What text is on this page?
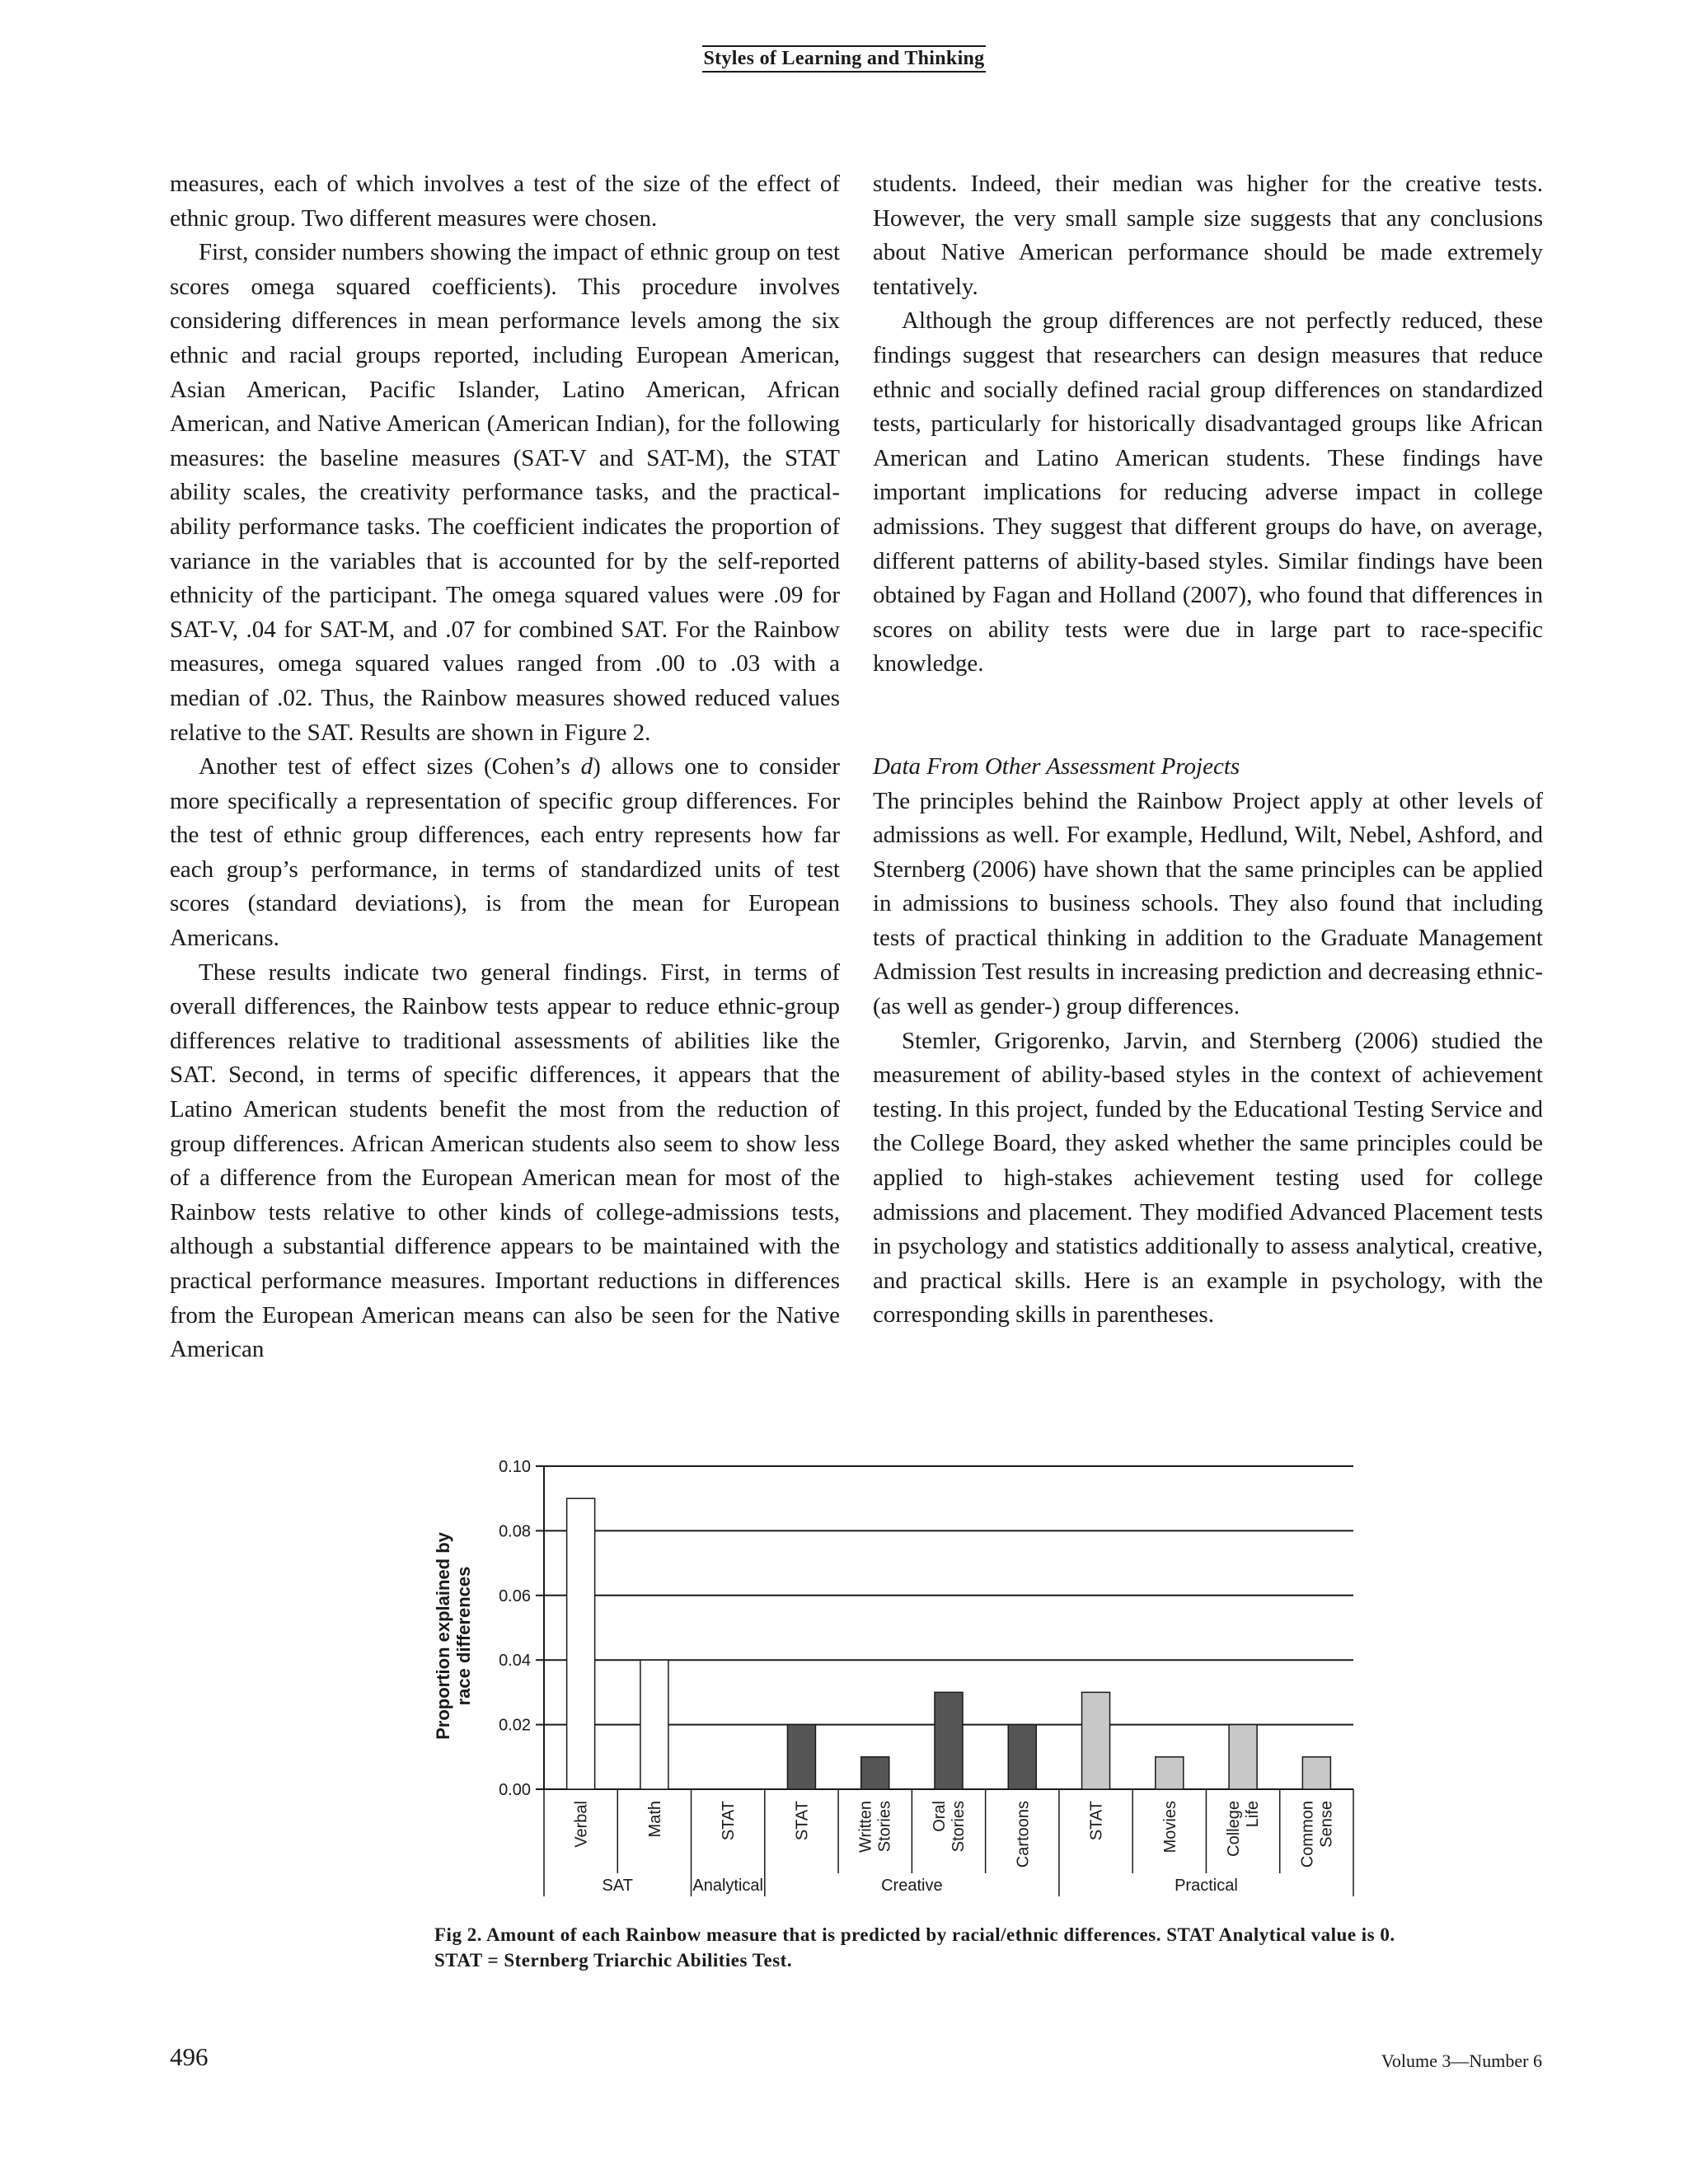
Styles of Learning and Thinking

measures, each of which involves a test of the size of the effect of ethnic group. Two different measures were chosen.

First, consider numbers showing the impact of ethnic group on test scores omega squared coefficients). This procedure involves considering differences in mean performance levels among the six ethnic and racial groups reported, including European American, Asian American, Pacific Islander, Latino American, African American, and Native American (American Indian), for the following measures: the baseline measures (SAT-V and SAT-M), the STAT ability scales, the creativity performance tasks, and the practical-ability performance tasks. The coefficient indicates the proportion of variance in the variables that is accounted for by the self-reported ethnicity of the participant. The omega squared values were .09 for SAT-V, .04 for SAT-M, and .07 for combined SAT. For the Rainbow measures, omega squared values ranged from .00 to .03 with a median of .02. Thus, the Rainbow measures showed reduced values relative to the SAT. Results are shown in Figure 2.

Another test of effect sizes (Cohen’s d) allows one to consider more specifically a representation of specific group differences. For the test of ethnic group differences, each entry represents how far each group’s performance, in terms of standardized units of test scores (standard deviations), is from the mean for European Americans.

These results indicate two general findings. First, in terms of overall differences, the Rainbow tests appear to reduce ethnic-group differences relative to traditional assessments of abilities like the SAT. Second, in terms of specific differences, it appears that the Latino American students benefit the most from the reduction of group differences. African American students also seem to show less of a difference from the European American mean for most of the Rainbow tests relative to other kinds of college-admissions tests, although a substantial difference appears to be maintained with the practical performance measures. Important reductions in differences from the European American means can also be seen for the Native American

students. Indeed, their median was higher for the creative tests. However, the very small sample size suggests that any conclusions about Native American performance should be made extremely tentatively.

Although the group differences are not perfectly reduced, these findings suggest that researchers can design measures that reduce ethnic and socially defined racial group differences on standardized tests, particularly for historically disadvantaged groups like African American and Latino American students. These findings have important implications for reducing adverse impact in college admissions. They suggest that different groups do have, on average, different patterns of ability-based styles. Similar findings have been obtained by Fagan and Holland (2007), who found that differences in scores on ability tests were due in large part to race-specific knowledge.

Data From Other Assessment Projects

The principles behind the Rainbow Project apply at other levels of admissions as well. For example, Hedlund, Wilt, Nebel, Ashford, and Sternberg (2006) have shown that the same principles can be applied in admissions to business schools. They also found that including tests of practical thinking in addition to the Graduate Management Admission Test results in increasing prediction and decreasing ethnic- (as well as gender-) group differences.

Stemler, Grigorenko, Jarvin, and Sternberg (2006) studied the measurement of ability-based styles in the context of achievement testing. In this project, funded by the Educational Testing Service and the College Board, they asked whether the same principles could be applied to high-stakes achievement testing used for college admissions and placement. They modified Advanced Placement tests in psychology and statistics additionally to assess analytical, creative, and practical skills. Here is an example in psychology, with the corresponding skills in parentheses.

0.00
0.02
0.04
0.06
0.08
0.10
Proportion explained by race differences
Verbal	Math	STAT	STAT	Written Stories Oral Stories	Cartoons	STAT	Movies	College Life Common Sense
SAT	Analytical	Creative	Practical
Fig 2. Amount of each Rainbow measure that is predicted by racial/ethnic differences. STAT Analytical value is 0. STAT = Sternberg Triarchic Abilities Test.
496	Volume 3—Number 6
